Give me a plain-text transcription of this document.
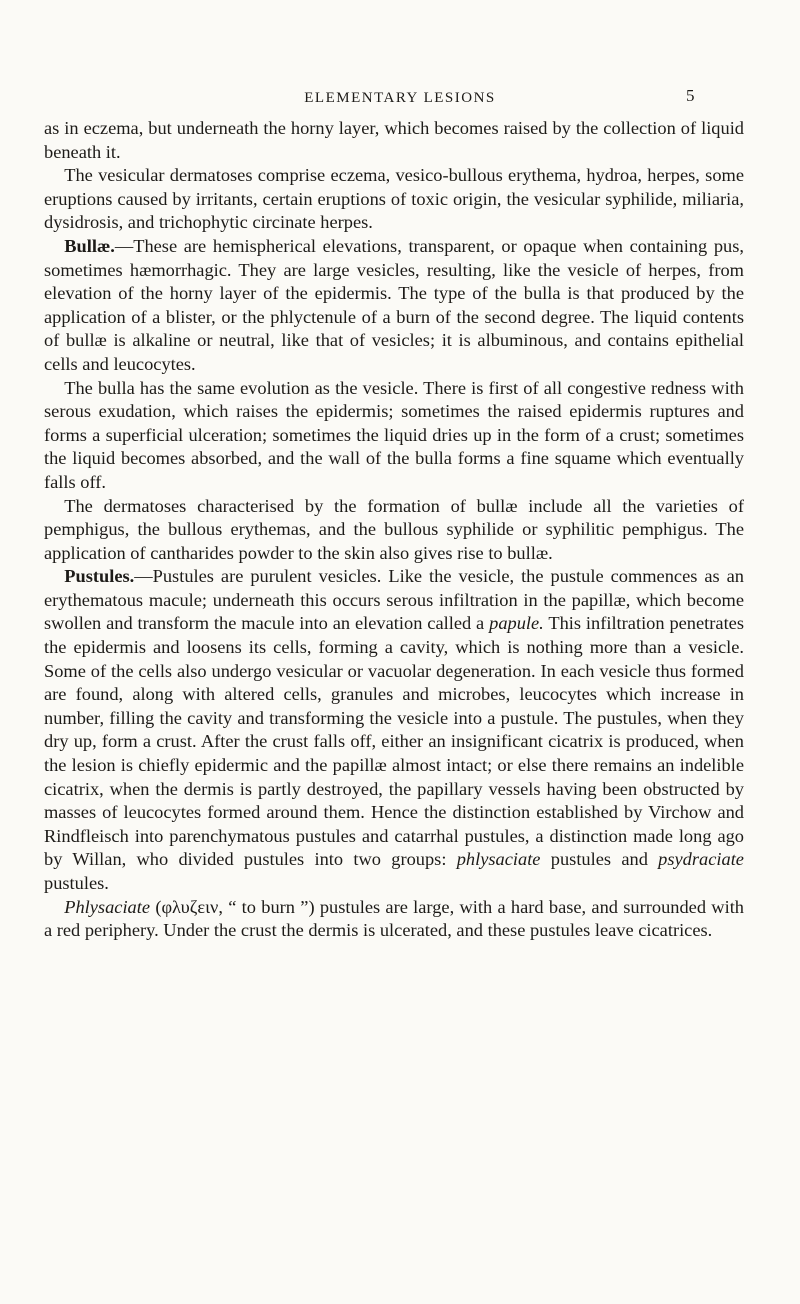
ELEMENTARY LESIONS	5

as in eczema, but underneath the horny layer, which becomes raised by the collection of liquid beneath it.

The vesicular dermatoses comprise eczema, vesico-bullous erythema, hydroa, herpes, some eruptions caused by irritants, certain eruptions of toxic origin, the vesicular syphilide, miliaria, dysidrosis, and trichophytic circinate herpes.

Bullæ.—These are hemispherical elevations, transparent, or opaque when containing pus, sometimes hæmorrhagic. They are large vesicles, resulting, like the vesicle of herpes, from elevation of the horny layer of the epidermis. The type of the bulla is that produced by the application of a blister, or the phlyctenule of a burn of the second degree. The liquid contents of bullæ is alkaline or neutral, like that of vesicles; it is albuminous, and contains epithelial cells and leucocytes.

The bulla has the same evolution as the vesicle. There is first of all congestive redness with serous exudation, which raises the epidermis; sometimes the raised epidermis ruptures and forms a superficial ulceration; sometimes the liquid dries up in the form of a crust; sometimes the liquid becomes absorbed, and the wall of the bulla forms a fine squame which eventually falls off.

The dermatoses characterised by the formation of bullæ include all the varieties of pemphigus, the bullous erythemas, and the bullous syphilide or syphilitic pemphigus. The application of cantharides powder to the skin also gives rise to bullæ.

Pustules.—Pustules are purulent vesicles. Like the vesicle, the pustule commences as an erythematous macule; underneath this occurs serous infiltration in the papillæ, which become swollen and transform the macule into an elevation called a papule. This infiltration penetrates the epidermis and loosens its cells, forming a cavity, which is nothing more than a vesicle. Some of the cells also undergo vesicular or vacuolar degeneration. In each vesicle thus formed are found, along with altered cells, granules and microbes, leucocytes which increase in number, filling the cavity and transforming the vesicle into a pustule. The pustules, when they dry up, form a crust. After the crust falls off, either an insignificant cicatrix is produced, when the lesion is chiefly epidermic and the papillæ almost intact; or else there remains an indelible cicatrix, when the dermis is partly destroyed, the papillary vessels having been obstructed by masses of leucocytes formed around them. Hence the distinction established by Virchow and Rindfleisch into parenchymatous pustules and catarrhal pustules, a distinction made long ago by Willan, who divided pustules into two groups: phlysaciate pustules and psydraciate pustules.

Phlysaciate (φλυζειν, “ to burn ”) pustules are large, with a hard base, and surrounded with a red periphery. Under the crust the dermis is ulcerated, and these pustules leave cicatrices.
